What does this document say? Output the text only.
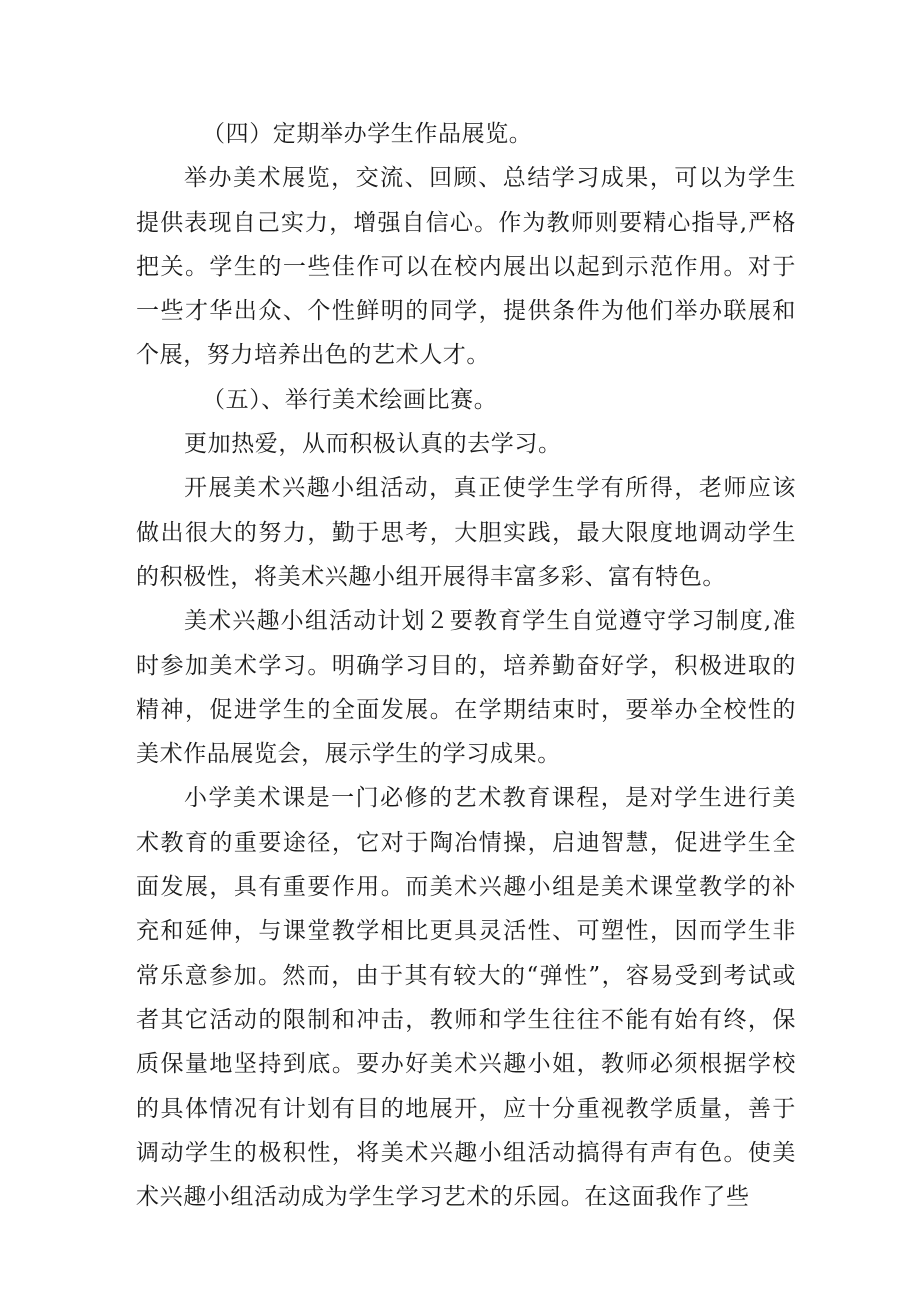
（四）定期举办学生作品展览。

举办美术展览，交流、回顾、总结学习成果，可以为学生提供表现自己实力，增强自信心。作为教师则要精心指导,严格把关。学生的一些佳作可以在校内展出以起到示范作用。对于一些才华出众、个性鲜明的同学，提供条件为他们举办联展和个展，努力培养出色的艺术人才。

（五）、举行美术绘画比赛。

更加热爱，从而积极认真的去学习。

开展美术兴趣小组活动，真正使学生学有所得，老师应该做出很大的努力，勤于思考，大胆实践，最大限度地调动学生的积极性，将美术兴趣小组开展得丰富多彩、富有特色。

美术兴趣小组活动计划２要教育学生自觉遵守学习制度,准时参加美术学习。明确学习目的，培养勤奋好学，积极进取的精神，促进学生的全面发展。在学期结束时，要举办全校性的美术作品展览会，展示学生的学习成果。

小学美术课是一门必修的艺术教育课程，是对学生进行美术教育的重要途径，它对于陶冶情操，启迪智慧，促进学生全面发展，具有重要作用。而美术兴趣小组是美术课堂教学的补充和延伸，与课堂教学相比更具灵活性、可塑性，因而学生非常乐意参加。然而，由于其有较大的“弹性”，容易受到考试或者其它活动的限制和冲击，教师和学生往往不能有始有终，保质保量地坚持到底。要办好美术兴趣小姐，教师必须根据学校的具体情况有计划有目的地展开，应十分重视教学质量，善于调动学生的极积性，将美术兴趣小组活动搞得有声有色。使美术兴趣小组活动成为学生学习艺术的乐园。在这面我作了些
